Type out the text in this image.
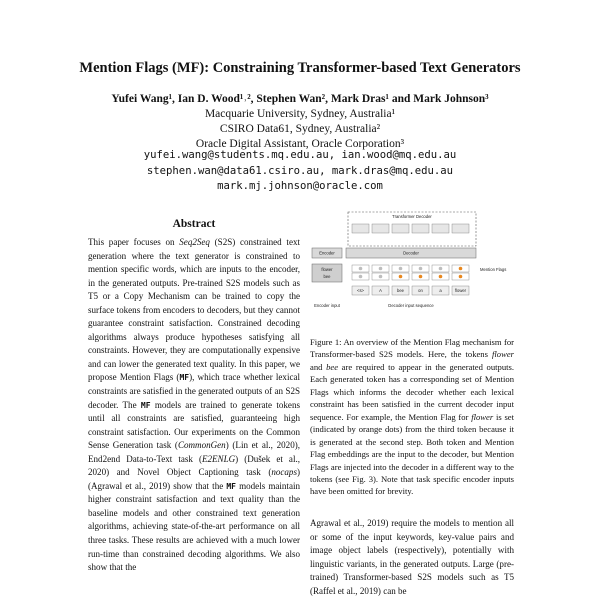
Mention Flags (MF): Constraining Transformer-based Text Generators
Yufei Wang¹, Ian D. Wood¹˒², Stephen Wan², Mark Dras¹ and Mark Johnson³
Macquarie University, Sydney, Australia¹
CSIRO Data61, Sydney, Australia²
Oracle Digital Assistant, Oracle Corporation³
yufei.wang@students.mq.edu.au, ian.wood@mq.edu.au
stephen.wan@data61.csiro.au, mark.dras@mq.edu.au
mark.mj.johnson@oracle.com
Abstract
This paper focuses on Seq2Seq (S2S) constrained text generation where the text generator is constrained to mention specific words, which are inputs to the encoder, in the generated outputs. Pre-trained S2S models such as T5 or a Copy Mechanism can be trained to copy the surface tokens from encoders to decoders, but they cannot guarantee constraint satisfaction. Constrained decoding algorithms always produce hypotheses satisfying all constraints. However, they are computationally expensive and can lower the generated text quality. In this paper, we propose Mention Flags (MF), which trace whether lexical constraints are satisfied in the generated outputs of an S2S decoder. The MF models are trained to generate tokens until all constraints are satisfied, guaranteeing high constraint satisfaction. Our experiments on the Common Sense Generation task (CommonGen) (Lin et al., 2020), End2end Data-to-Text task (E2ENLG) (Dušek et al., 2020) and Novel Object Captioning task (nocaps) (Agrawal et al., 2019) show that the MF models maintain higher constraint satisfaction and text quality than the baseline models and other constrained text generation algorithms, achieving state-of-the-art performance on all three tasks. These results are achieved with a much lower run-time than constrained decoding algorithms. We also show that the
Transformer Decoder
Encoder	Decoder
flower
bee
Mention Flags
<s>	A	bee	on	a	flower
Encoder input	Decoder input sequence
Figure 1: An overview of the Mention Flag mechanism for Transformer-based S2S models. Here, the tokens flower and bee are required to appear in the generated outputs. Each generated token has a corresponding set of Mention Flags which informs the decoder whether each lexical constraint has been satisfied in the current decoder input sequence. For example, the Mention Flag for flower is set (indicated by orange dots) from the third token because it is generated at the second step. Both token and Mention Flag embeddings are the input to the decoder, but Mention Flags are injected into the decoder in a different way to the tokens (see Fig. 3). Note that task specific encoder inputs have been omitted for brevity.
Agrawal et al., 2019) require the models to mention all or some of the input keywords, key-value pairs and image object labels (respectively), potentially with linguistic variants, in the generated outputs. Large (pre-trained) Transformer-based S2S models such as T5 (Raffel et al., 2019) can be
